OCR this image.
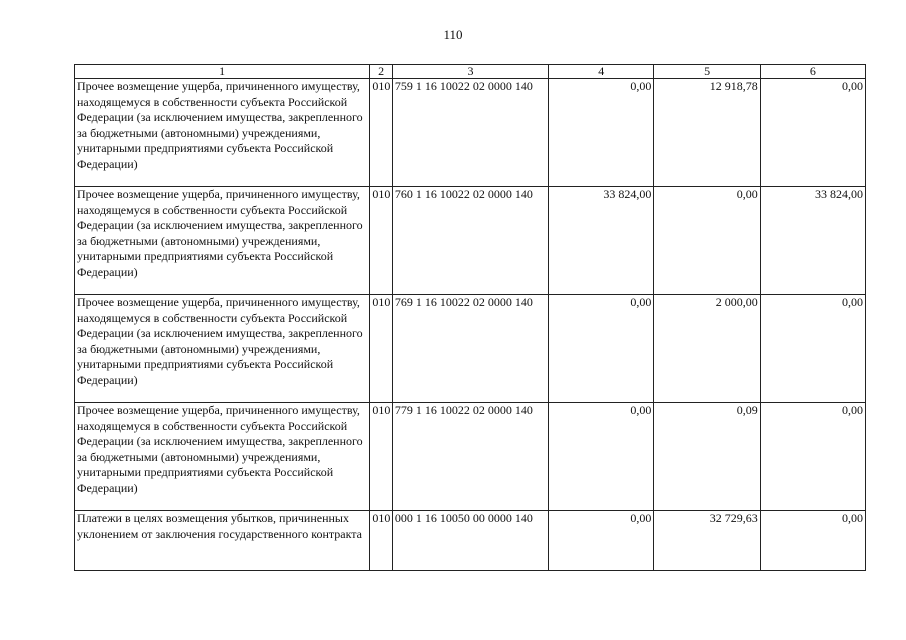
110
1	2	3	4	5	6
Прочее возмещение ущерба, причиненного имуществу, находящемуся в собственности субъекта Российской Федерации (за исключением имущества, закрепленного за бюджетными (автономными) учреждениями, унитарными предприятиями субъекта Российской Федерации)	010	759 1 16 10022 02 0000 140	0,00	12 918,78	0,00
Прочее возмещение ущерба, причиненного имуществу, находящемуся в собственности субъекта Российской Федерации (за исключением имущества, закрепленного за бюджетными (автономными) учреждениями, унитарными предприятиями субъекта Российской Федерации)	010	760 1 16 10022 02 0000 140	33 824,00	0,00	33 824,00
Прочее возмещение ущерба, причиненного имуществу, находящемуся в собственности субъекта Российской Федерации (за исключением имущества, закрепленного за бюджетными (автономными) учреждениями, унитарными предприятиями субъекта Российской Федерации)	010	769 1 16 10022 02 0000 140	0,00	2 000,00	0,00
Прочее возмещение ущерба, причиненного имуществу, находящемуся в собственности субъекта Российской Федерации (за исключением имущества, закрепленного за бюджетными (автономными) учреждениями, унитарными предприятиями субъекта Российской Федерации)	010	779 1 16 10022 02 0000 140	0,00	0,09	0,00
Платежи в целях возмещения убытков, причиненных уклонением от заключения государственного контракта	010	000 1 16 10050 00 0000 140	0,00	32 729,63	0,00
